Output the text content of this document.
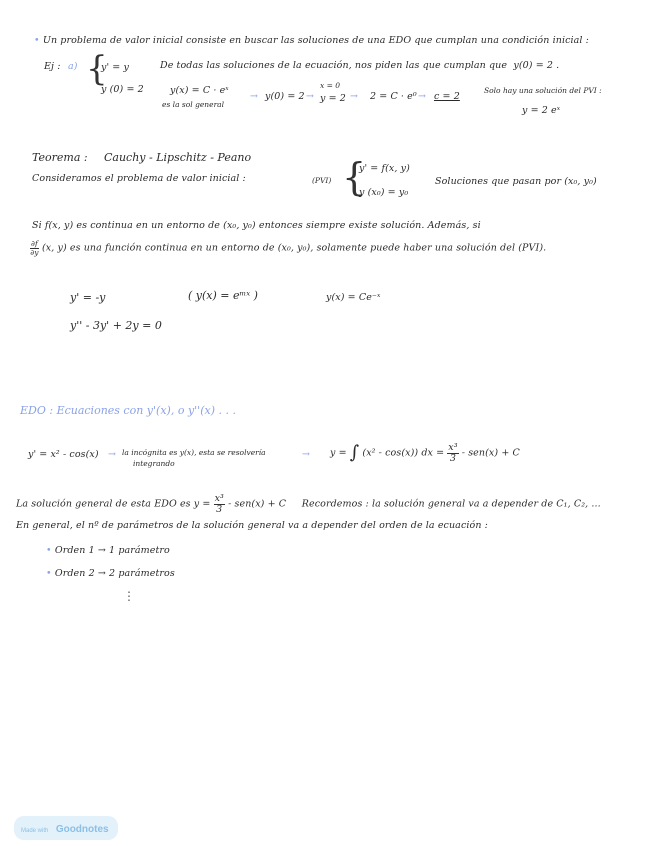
• Un problema de valor inicial consiste en buscar las soluciones de una EDO que cumplan una condición inicial :
Ej : a) {
y' = y
y (0) = 2
De todas las soluciones de la ecuación, nos piden las que cumplan que y(0) = 2 .
y(x) = C · eˣ
es la sol general
→ y(0) = 2 →
x = 0
y = 2 → 2 = C · e⁰ → c = 2
Solo hay una solución del PVI :
y = 2 eˣ
Teorema : Cauchy - Lipschitz - Peano
Consideramos el problema de valor inicial :	(PVI) {
y' = f(x, y)
y (x₀) = y₀
Soluciones que pasan por (x₀, y₀)
Si f(x, y) es continua en un entorno de (x₀, y₀) entonces siempre existe solución. Además, si
$\frac{\partial f}{\partial y} (x$, y) es una función continua en un entorno de (x₀, y₀), solamente puede haber una solución del (PVI).
y' = -y	( y(x) = eᵐˣ )	y(x) = Ce⁻ˣ
y'' - 3y' + 2y = 0
EDO : Ecuaciones con y'(x), o y''(x) . . .
y' = x² - cos(x) → la incógnita es y(x), esta se resolvería
integrando
→ y = ∫ (x² - cos(x)) dx = $\frac{\text{x³}}{3} - sen(x) + C$
La solución general de esta EDO es $y = \frac{\text{x³}}{3} - sen(x) + C$ Recordemos : la solución general va a depender de C₁, C₂, ...
En general, el nº de parámetros de la solución general va a depender del orden de la ecuación :
• Orden 1 → 1 parámetro
• Orden 2 → 2 parámetros
⋮
Made with Goodnotes
